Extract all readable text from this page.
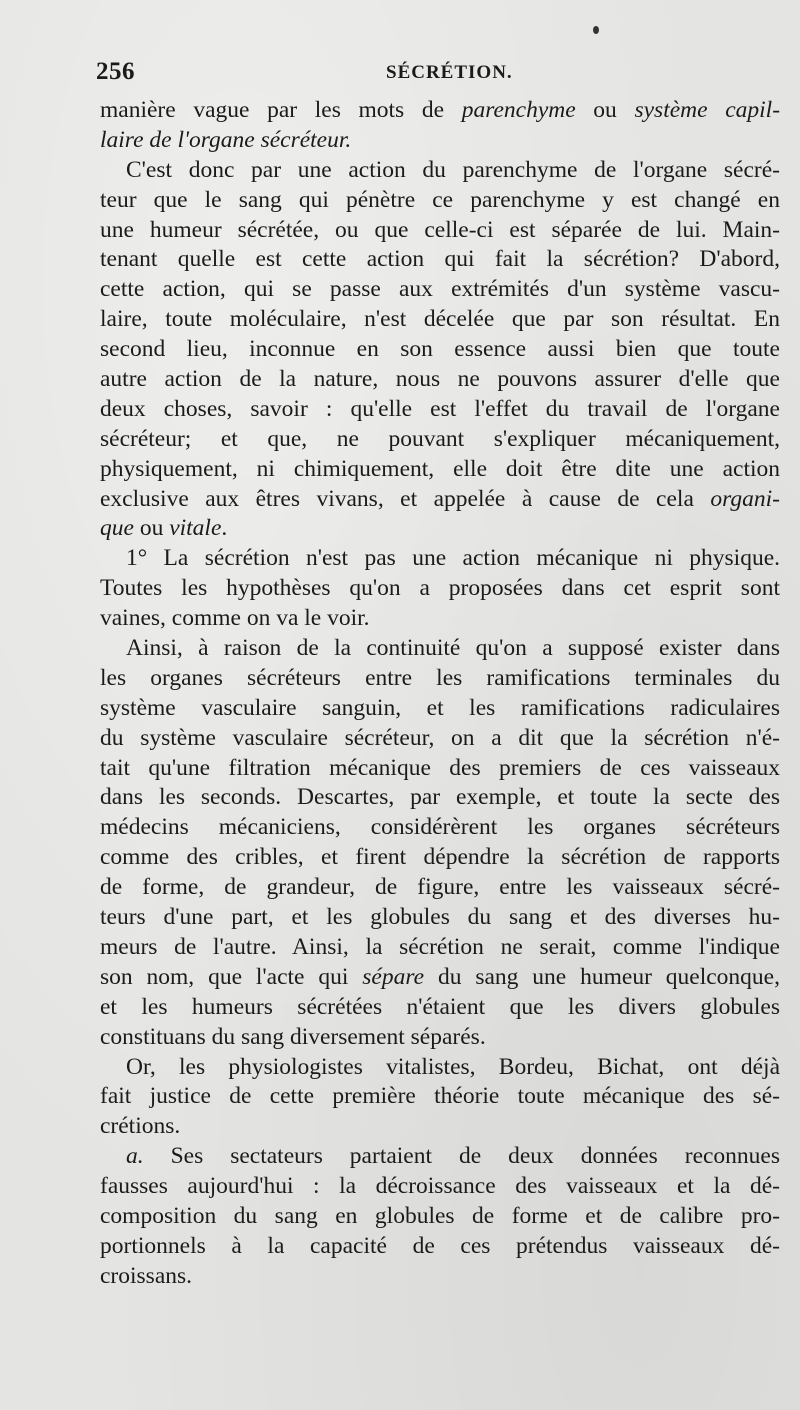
256	SÉCRÉTION.
manière vague par les mots de parenchyme ou système capil-
laire de l'organe sécréteur.
C'est donc par une action du parenchyme de l'organe sécré-
teur que le sang qui pénètre ce parenchyme y est changé en
une humeur sécrétée, ou que celle-ci est séparée de lui. Main-
tenant quelle est cette action qui fait la sécrétion? D'abord,
cette action, qui se passe aux extrémités d'un système vascu-
laire, toute moléculaire, n'est décelée que par son résultat. En
second lieu, inconnue en son essence aussi bien que toute
autre action de la nature, nous ne pouvons assurer d'elle que
deux choses, savoir : qu'elle est l'effet du travail de l'organe
sécréteur; et que, ne pouvant s'expliquer mécaniquement,
physiquement, ni chimiquement, elle doit être dite une action
exclusive aux êtres vivans, et appelée à cause de cela organi-
que ou vitale.
1° La sécrétion n'est pas une action mécanique ni physique.
Toutes les hypothèses qu'on a proposées dans cet esprit sont
vaines, comme on va le voir.
Ainsi, à raison de la continuité qu'on a supposé exister dans
les organes sécréteurs entre les ramifications terminales du
système vasculaire sanguin, et les ramifications radiculaires
du système vasculaire sécréteur, on a dit que la sécrétion n'é-
tait qu'une filtration mécanique des premiers de ces vaisseaux
dans les seconds. Descartes, par exemple, et toute la secte des
médecins mécaniciens, considérèrent les organes sécréteurs
comme des cribles, et firent dépendre la sécrétion de rapports
de forme, de grandeur, de figure, entre les vaisseaux sécré-
teurs d'une part, et les globules du sang et des diverses hu-
meurs de l'autre. Ainsi, la sécrétion ne serait, comme l'indique
son nom, que l'acte qui sépare du sang une humeur quelconque,
et les humeurs sécrétées n'étaient que les divers globules
constituans du sang diversement séparés.
Or, les physiologistes vitalistes, Bordeu, Bichat, ont déjà
fait justice de cette première théorie toute mécanique des sé-
crétions.
a. Ses sectateurs partaient de deux données reconnues
fausses aujourd'hui : la décroissance des vaisseaux et la dé-
composition du sang en globules de forme et de calibre pro-
portionnels à la capacité de ces prétendus vaisseaux dé-
croissans.
